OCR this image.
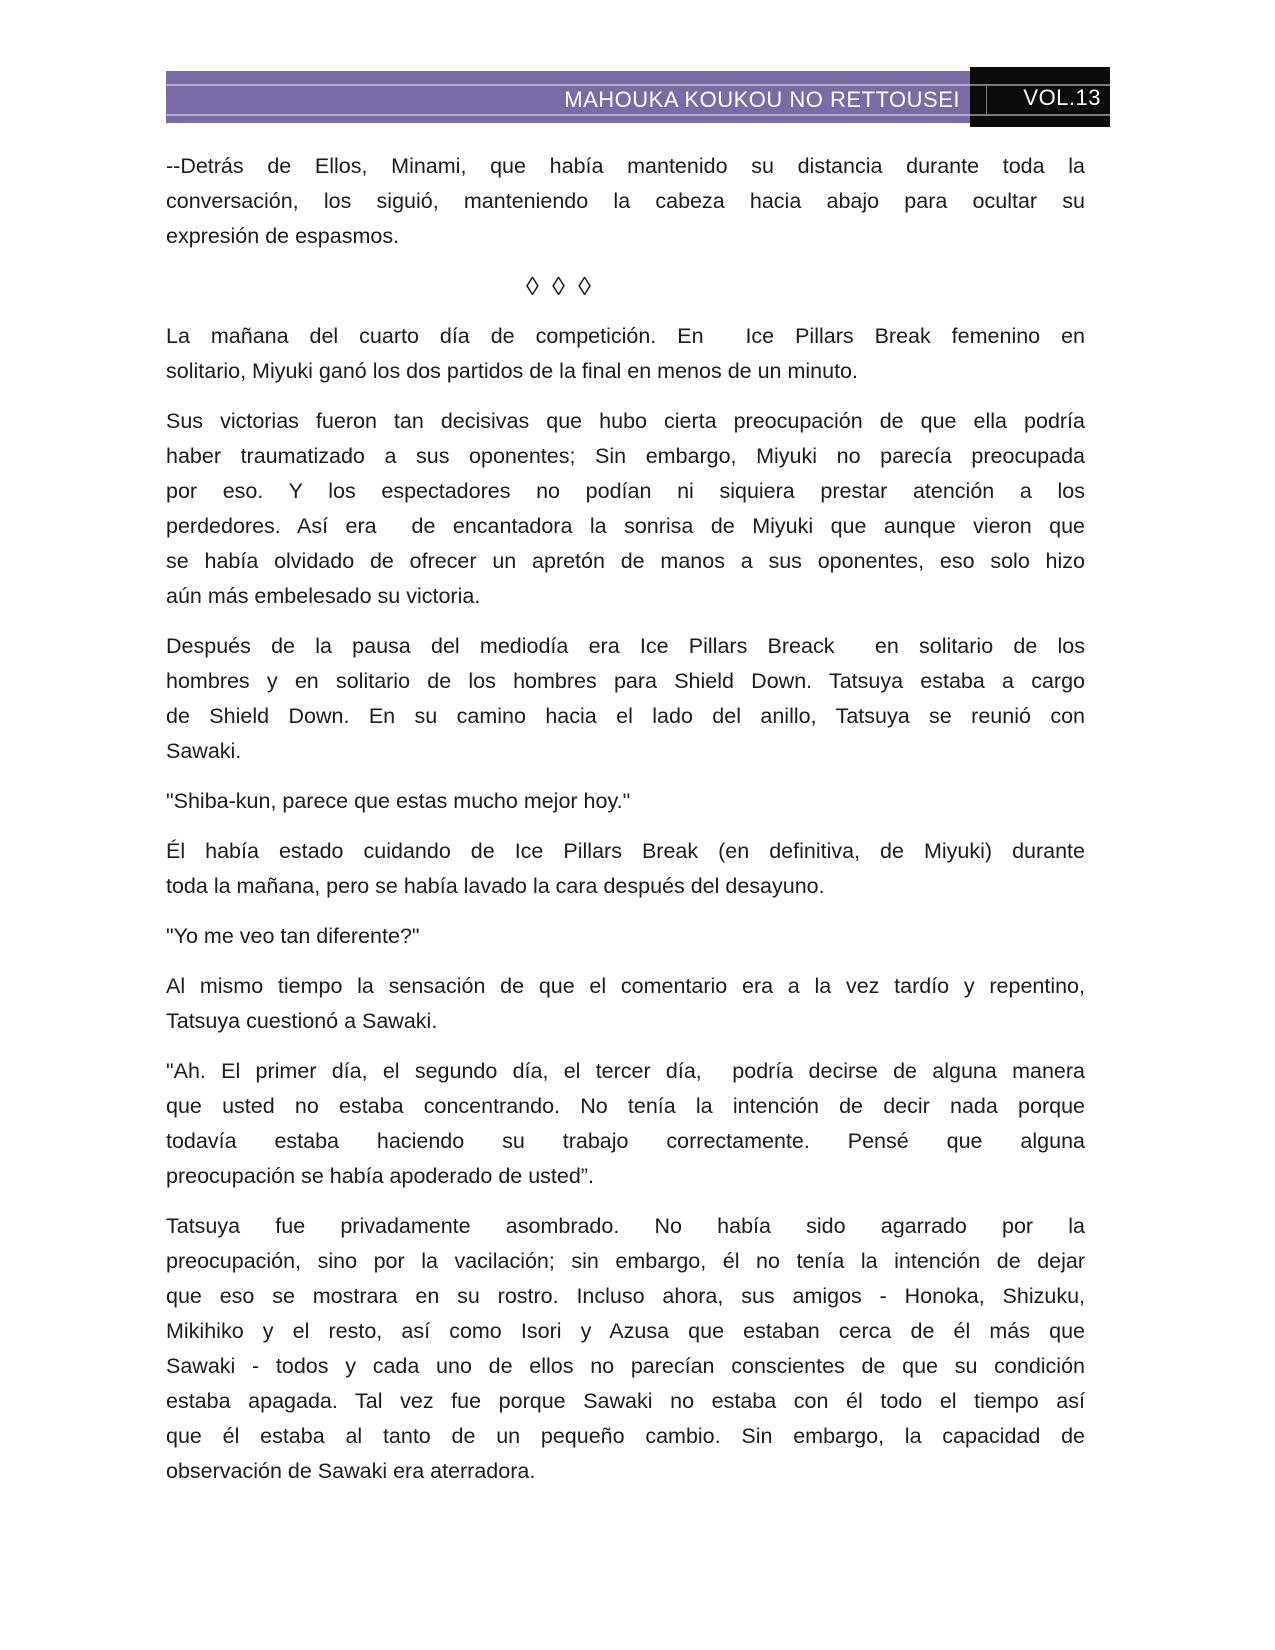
VOL.13
MAHOUKA KOUKOU NO RETTOUSEI
--Detrás de Ellos, Minami, que había mantenido su distancia durante toda la
conversación, los siguió, manteniendo la cabeza hacia abajo para ocultar su
expresión de espasmos.
◊ ◊ ◊
La mañana del cuarto día de competición. En  Ice Pillars Break femenino en
solitario, Miyuki ganó los dos partidos de la final en menos de un minuto.
Sus victorias fueron tan decisivas que hubo cierta preocupación de que ella podría
haber traumatizado a sus oponentes; Sin embargo, Miyuki no parecía preocupada
por eso. Y los espectadores no podían ni siquiera prestar atención a los
perdedores. Así era  de encantadora la sonrisa de Miyuki que aunque vieron que
se había olvidado de ofrecer un apretón de manos a sus oponentes, eso solo hizo
aún más embelesado su victoria.
Después de la pausa del mediodía era Ice Pillars Breack  en solitario de los
hombres y en solitario de los hombres para Shield Down. Tatsuya estaba a cargo
de Shield Down. En su camino hacia el lado del anillo, Tatsuya se reunió con
Sawaki.
"Shiba-kun, parece que estas mucho mejor hoy."
Él había estado cuidando de Ice Pillars Break (en definitiva, de Miyuki) durante
toda la mañana, pero se había lavado la cara después del desayuno.
"Yo me veo tan diferente?"
Al mismo tiempo la sensación de que el comentario era a la vez tardío y repentino,
Tatsuya cuestionó a Sawaki.
"Ah. El primer día, el segundo día, el tercer día,  podría decirse de alguna manera
que usted no estaba concentrando. No tenía la intención de decir nada porque
todavía estaba haciendo su trabajo correctamente. Pensé que alguna
preocupación se había apoderado de usted”.
Tatsuya fue privadamente asombrado. No había sido agarrado por la
preocupación, sino por la vacilación; sin embargo, él no tenía la intención de dejar
que eso se mostrara en su rostro. Incluso ahora, sus amigos - Honoka, Shizuku,
Mikihiko y el resto, así como Isori y Azusa que estaban cerca de él más que
Sawaki - todos y cada uno de ellos no parecían conscientes de que su condición
estaba apagada. Tal vez fue porque Sawaki no estaba con él todo el tiempo así
que él estaba al tanto de un pequeño cambio. Sin embargo, la capacidad de
observación de Sawaki era aterradora.
